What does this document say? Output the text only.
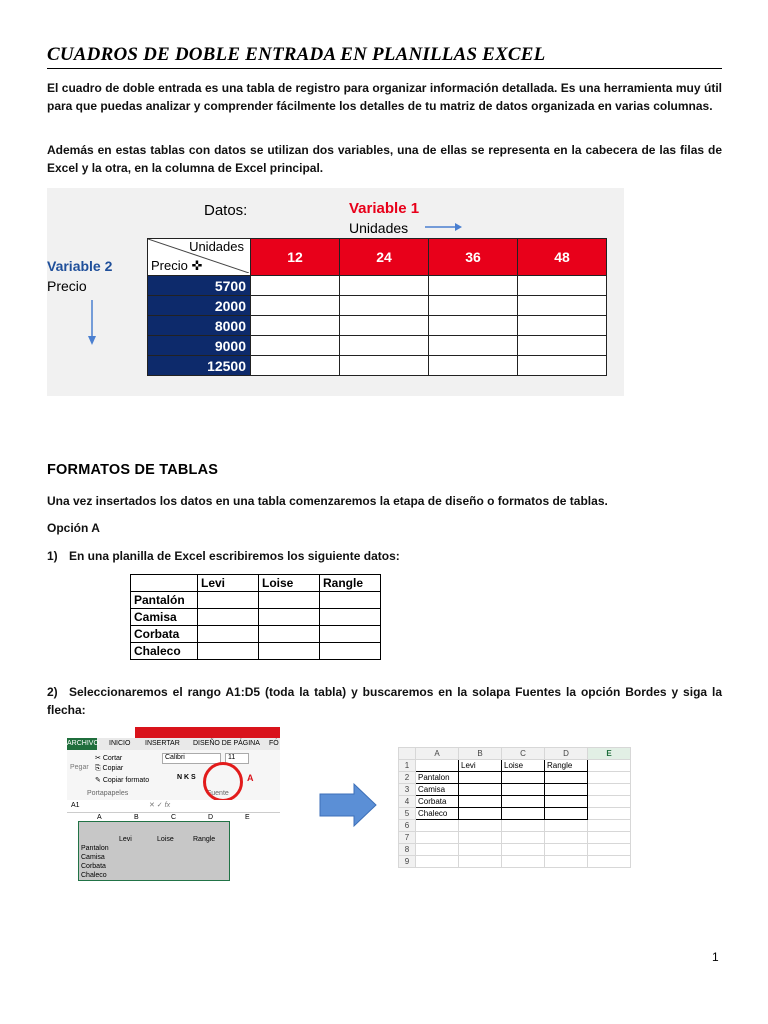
CUADROS DE DOBLE ENTRADA EN PLANILLAS EXCEL
El cuadro de doble entrada es una tabla de registro para organizar información detallada. Es una herramienta muy útil para que puedas analizar y comprender fácilmente los detalles de tu matriz de datos organizada en varias columnas.
Además en estas tablas con datos se utilizan dos variables, una de ellas se representa en la cabecera de las filas de Excel y la otra, en la columna de Excel principal.
Datos:	Variable 1
Unidades
Variable 2
Precio
Unidades
Precio ✜	12	24	36	48
5700				
2000				
8000				
9000				
12500				
FORMATOS DE TABLAS
Una vez insertados los datos en una tabla comenzaremos la etapa de diseño o formatos de tablas.
Opción A
1) En una planilla de Excel escribiremos los siguiente datos:
	Levi	Loise	Rangle
Pantalón			
Camisa			
Corbata			
Chaleco			
2) Seleccionaremos el rango A1:D5 (toda la tabla) y buscaremos en la solapa Fuentes la opción Bordes y siga la flecha:
INICIO INSERTAR DISEÑO DE PÁGINA FÓ
ARCHIVO
Pegar
✂ Cortar
⎘ Copiar
✎ Copiar formato
Calibri	11
N K S	A
Portapapeles	Fuente
A1	✕ ✓ fx
A	B	C	D	E
Levi	Loise	Rangle
Pantalon
Camisa
Corbata
Chaleco
	A	B	C	D	E
1		Levi	Loise	Rangle	
2	Pantalon				
3	Camisa				
4	Corbata				
5	Chaleco				
6					
7					
8					
9					
1
